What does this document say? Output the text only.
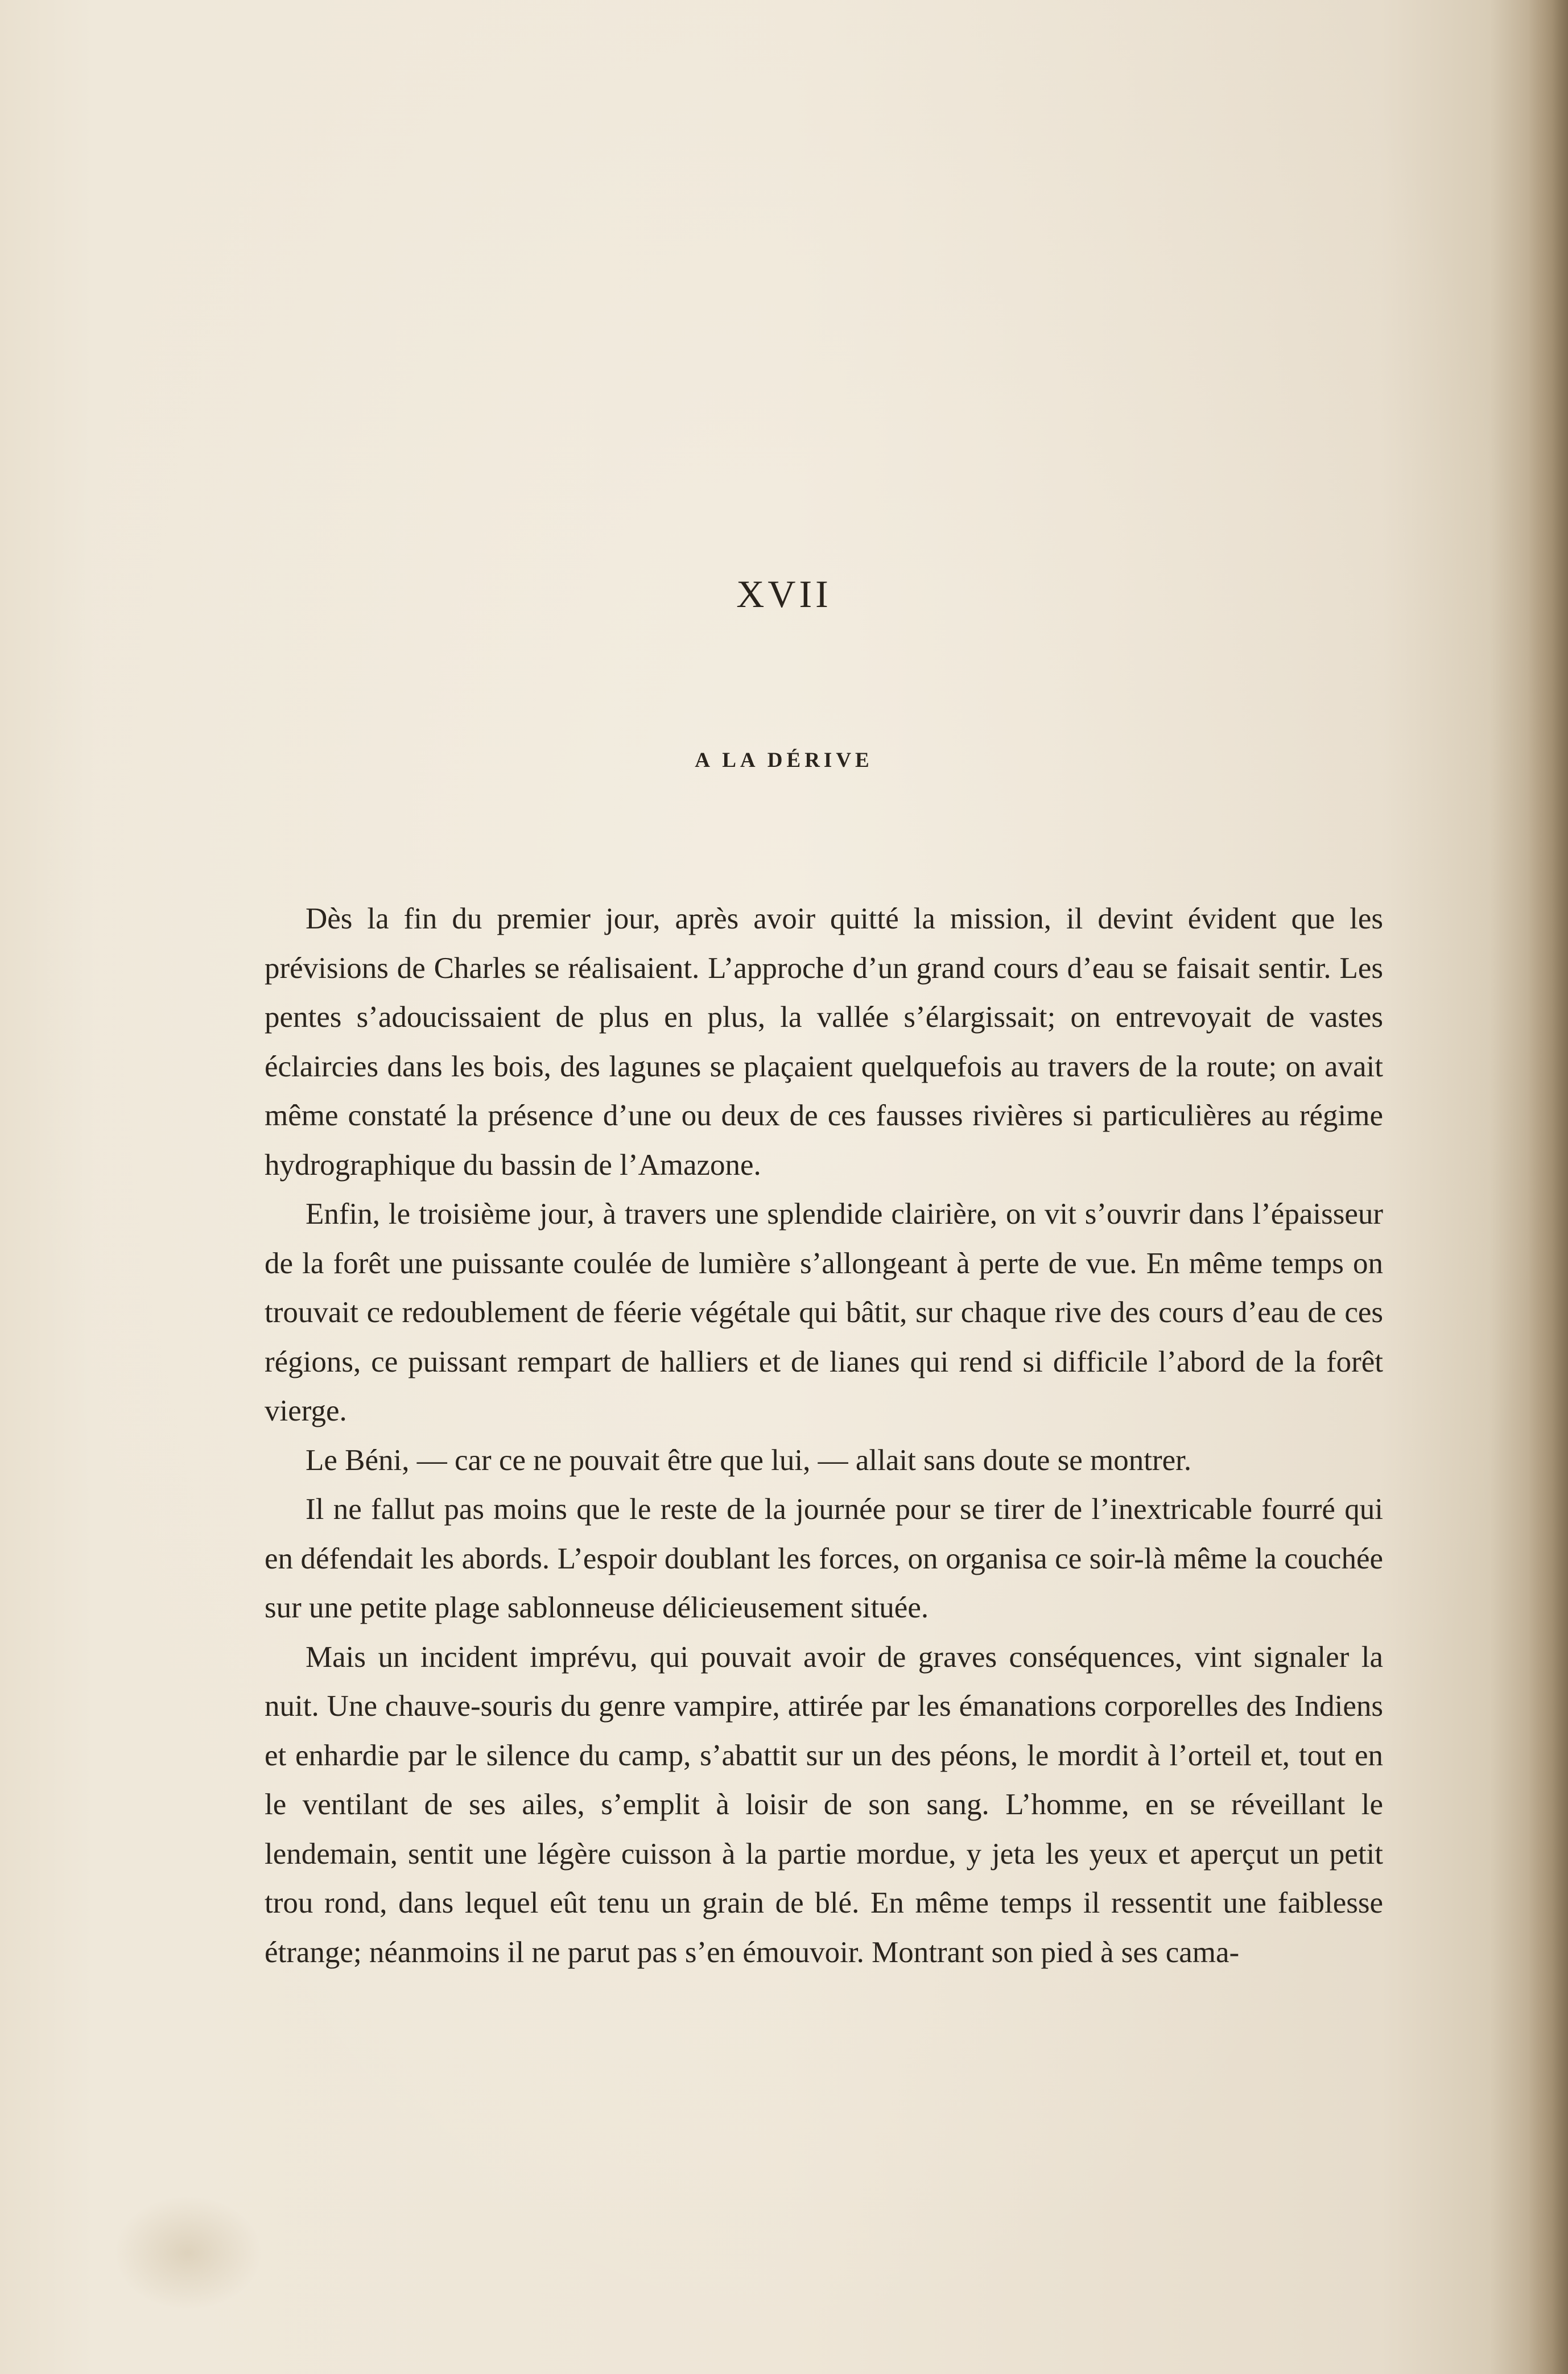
XVII
A LA DÉRIVE

Dès la fin du premier jour, après avoir quitté la mission, il devint évident que les prévisions de Charles se réalisaient. L’approche d’un grand cours d’eau se faisait sentir. Les pentes s’adoucissaient de plus en plus, la vallée s’élargissait; on entrevoyait de vastes éclaircies dans les bois, des lagunes se plaçaient quelquefois au travers de la route; on avait même constaté la présence d’une ou deux de ces fausses rivières si particulières au régime hydrographique du bassin de l’Amazone.

Enfin, le troisième jour, à travers une splendide clairière, on vit s’ouvrir dans l’épaisseur de la forêt une puissante coulée de lumière s’allongeant à perte de vue. En même temps on trouvait ce redoublement de féerie végétale qui bâtit, sur chaque rive des cours d’eau de ces régions, ce puissant rempart de halliers et de lianes qui rend si difficile l’abord de la forêt vierge.

Le Béni, — car ce ne pouvait être que lui, — allait sans doute se montrer.

Il ne fallut pas moins que le reste de la journée pour se tirer de l’inextricable fourré qui en défendait les abords. L’espoir doublant les forces, on organisa ce soir-là même la couchée sur une petite plage sablonneuse délicieusement située.

Mais un incident imprévu, qui pouvait avoir de graves conséquences, vint signaler la nuit. Une chauve-souris du genre vampire, attirée par les émanations corporelles des Indiens et enhardie par le silence du camp, s’abattit sur un des péons, le mordit à l’orteil et, tout en le ventilant de ses ailes, s’emplit à loisir de son sang. L’homme, en se réveillant le lendemain, sentit une légère cuisson à la partie mordue, y jeta les yeux et aperçut un petit trou rond, dans lequel eût tenu un grain de blé. En même temps il ressentit une faiblesse étrange; néanmoins il ne parut pas s’en émouvoir. Montrant son pied à ses cama-
